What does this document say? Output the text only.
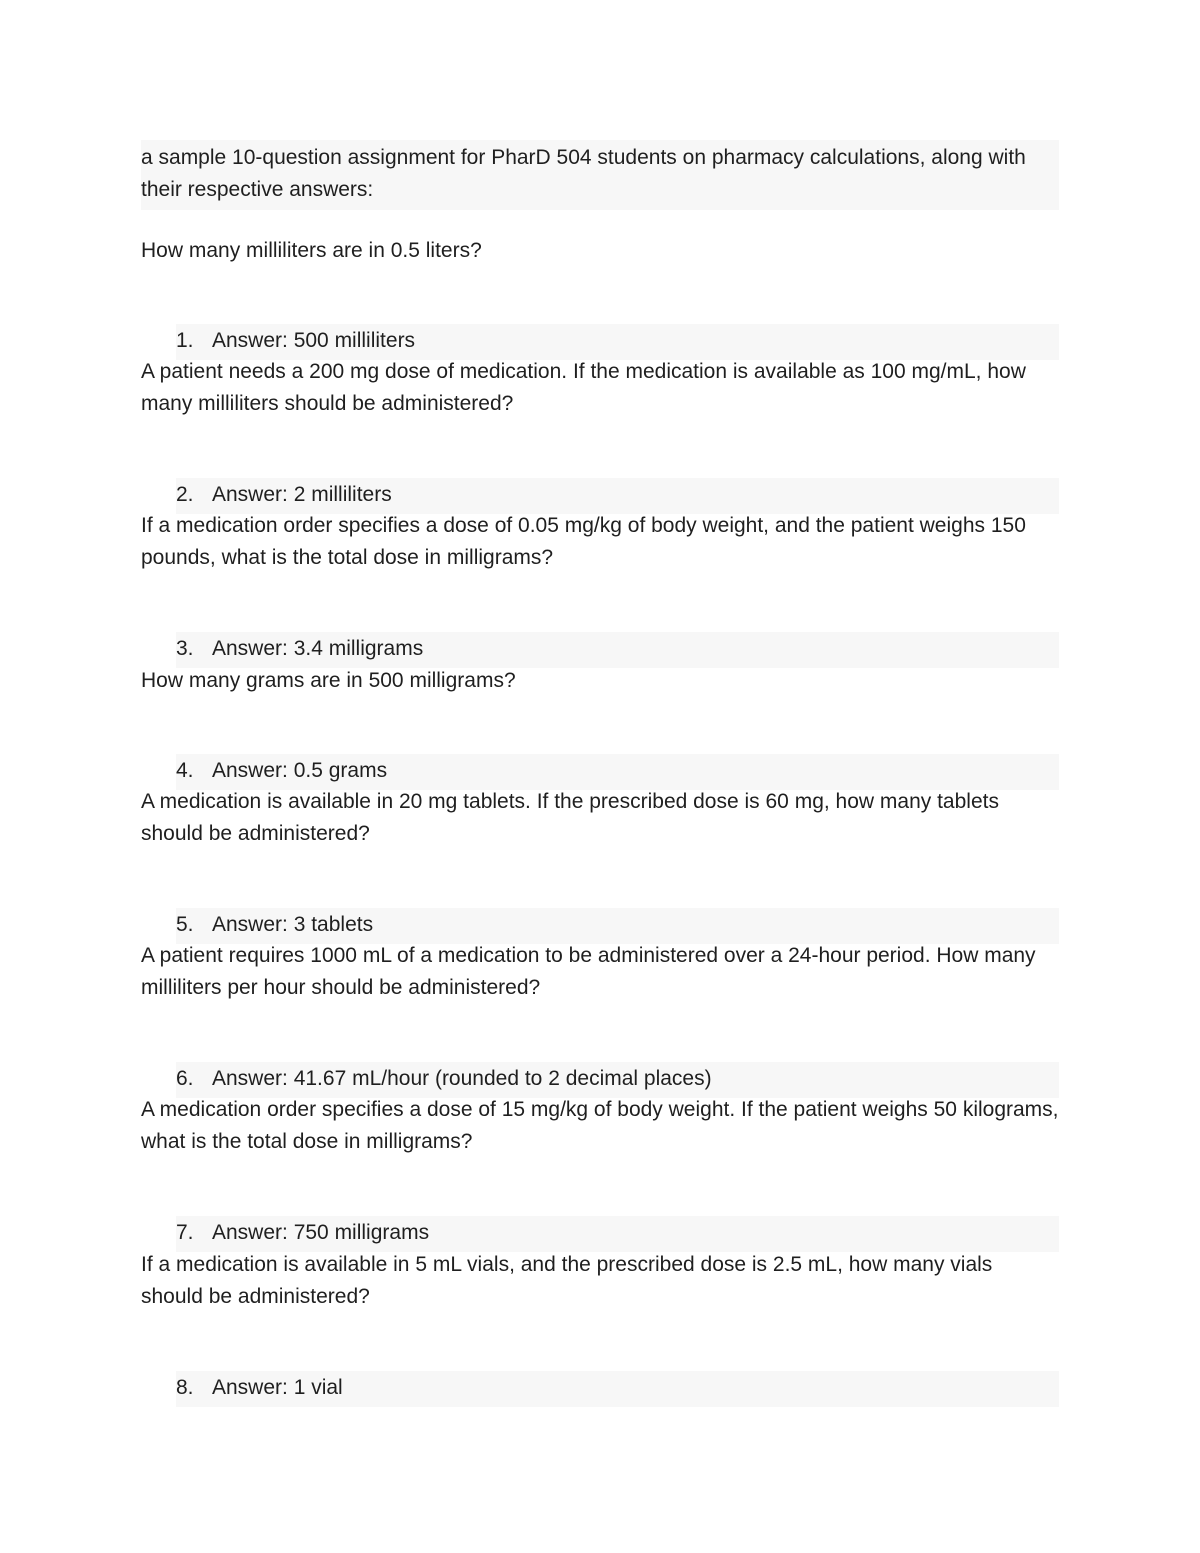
a sample 10-question assignment for PharD 504 students on pharmacy calculations, along with their respective answers:
How many milliliters are in 0.5 liters?
1. Answer: 500 milliliters
A patient needs a 200 mg dose of medication. If the medication is available as 100 mg/mL, how many milliliters should be administered?
2. Answer: 2 milliliters
If a medication order specifies a dose of 0.05 mg/kg of body weight, and the patient weighs 150 pounds, what is the total dose in milligrams?
3. Answer: 3.4 milligrams
How many grams are in 500 milligrams?
4. Answer: 0.5 grams
A medication is available in 20 mg tablets. If the prescribed dose is 60 mg, how many tablets should be administered?
5. Answer: 3 tablets
A patient requires 1000 mL of a medication to be administered over a 24-hour period. How many milliliters per hour should be administered?
6. Answer: 41.67 mL/hour (rounded to 2 decimal places)
A medication order specifies a dose of 15 mg/kg of body weight. If the patient weighs 50 kilograms, what is the total dose in milligrams?
7. Answer: 750 milligrams
If a medication is available in 5 mL vials, and the prescribed dose is 2.5 mL, how many vials should be administered?
8. Answer: 1 vial
